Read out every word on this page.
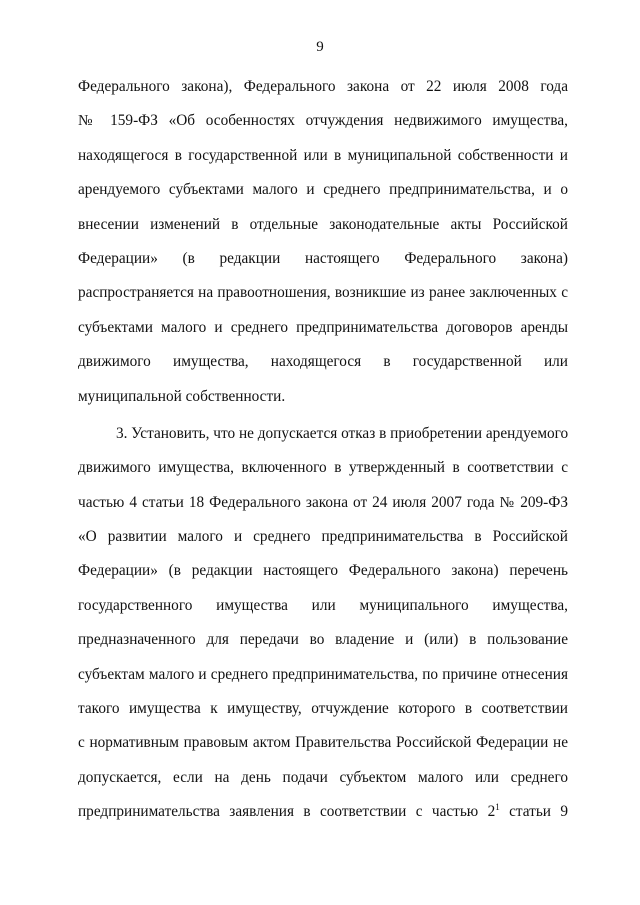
9
Федерального закона), Федерального закона от 22 июля 2008 года
№ 159-ФЗ «Об особенностях отчуждения недвижимого имущества,
находящегося в государственной или в муниципальной собственности и
арендуемого субъектами малого и среднего предпринимательства, и о
внесении изменений в отдельные законодательные акты Российской
Федерации» (в редакции настоящего Федерального закона)
распространяется на правоотношения, возникшие из ранее заключенных с
субъектами малого и среднего предпринимательства договоров аренды
движимого имущества, находящегося в государственной или
муниципальной собственности.
3. Установить, что не допускается отказ в приобретении арендуемого
движимого имущества, включенного в утвержденный в соответствии с
частью 4 статьи 18 Федерального закона от 24 июля 2007 года № 209-ФЗ
«О развитии малого и среднего предпринимательства в Российской
Федерации» (в редакции настоящего Федерального закона) перечень
государственного имущества или муниципального имущества,
предназначенного для передачи во владение и (или) в пользование
субъектам малого и среднего предпринимательства, по причине отнесения
такого имущества к имуществу, отчуждение которого в соответствии
с нормативным правовым актом Правительства Российской Федерации не
допускается, если на день подачи субъектом малого или среднего
предпринимательства заявления в соответствии с частью $2^1$ статьи 9
